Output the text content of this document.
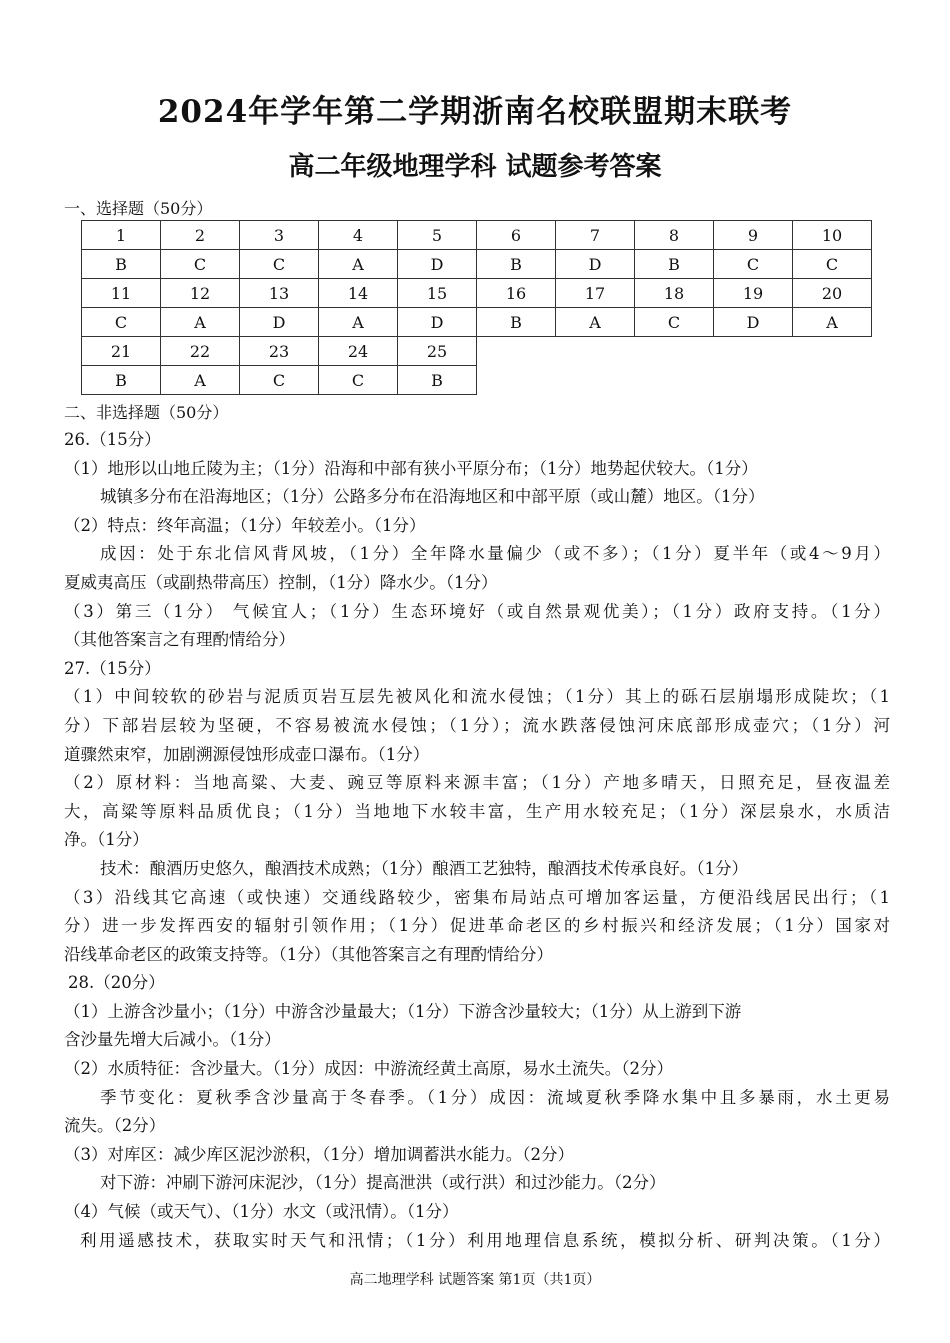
2024年学年第二学期浙南名校联盟期末联考
高二年级地理学科 试题参考答案
一、选择题（50分）
1	2	3	4	5	6	7	8	9	10
B	C	C	A	D	B	D	B	C	C
11	12	13	14	15	16	17	18	19	20
C	A	D	A	D	B	A	C	D	A
21	22	23	24	25					
B	A	C	C	B					
二、非选择题（50分）
26.（15分）
（1）地形以山地丘陵为主；（1分）沿海和中部有狭小平原分布；（1分）地势起伏较大。（1分）
城镇多分布在沿海地区；（1分）公路多分布在沿海地区和中部平原（或山麓）地区。（1分）
（2）特点：终年高温；（1分）年较差小。（1分）
成因：处于东北信风背风坡，（1分）全年降水量偏少（或不多）；（1分）夏半年（或4～9月）
夏威夷高压（或副热带高压）控制，（1分）降水少。（1分）
（3）第三（1分） 气候宜人；（1分）生态环境好（或自然景观优美）；（1分）政府支持。（1分）
（其他答案言之有理酌情给分）
27.（15分）
（1）中间较软的砂岩与泥质页岩互层先被风化和流水侵蚀；（1分）其上的砾石层崩塌形成陡坎；（1
分）下部岩层较为坚硬，不容易被流水侵蚀；（1分）；流水跌落侵蚀河床底部形成壶穴；（1分）河
道骤然束窄，加剧溯源侵蚀形成壶口瀑布。（1分）
（2）原材料：当地高粱、大麦、豌豆等原料来源丰富；（1分）产地多晴天，日照充足，昼夜温差
大，高粱等原料品质优良；（1分）当地地下水较丰富，生产用水较充足；（1分）深层泉水，水质洁
净。（1分）
技术：酿酒历史悠久，酿酒技术成熟；（1分）酿酒工艺独特，酿酒技术传承良好。（1分）
（3）沿线其它高速（或快速）交通线路较少，密集布局站点可增加客运量，方便沿线居民出行；（1
分）进一步发挥西安的辐射引领作用；（1分）促进革命老区的乡村振兴和经济发展；（1分）国家对
沿线革命老区的政策支持等。（1分）（其他答案言之有理酌情给分）
28.（20分）
（1）上游含沙量小；（1分）中游含沙量最大；（1分）下游含沙量较大；（1分）从上游到下游
含沙量先增大后减小。（1分）
（2）水质特征：含沙量大。（1分）成因：中游流经黄土高原，易水土流失。（2分）
季节变化：夏秋季含沙量高于冬春季。（1分）成因：流域夏秋季降水集中且多暴雨，水土更易
流失。（2分）
（3）对库区：减少库区泥沙淤积，（1分）增加调蓄洪水能力。（2分）
对下游：冲刷下游河床泥沙，（1分）提高泄洪（或行洪）和过沙能力。（2分）
（4）气候（或天气）、（1分）水文（或汛情）。（1分）
利用遥感技术，获取实时天气和汛情；（1分）利用地理信息系统，模拟分析、研判决策。（1分）
高二地理学科 试题答案 第1页（共1页）
